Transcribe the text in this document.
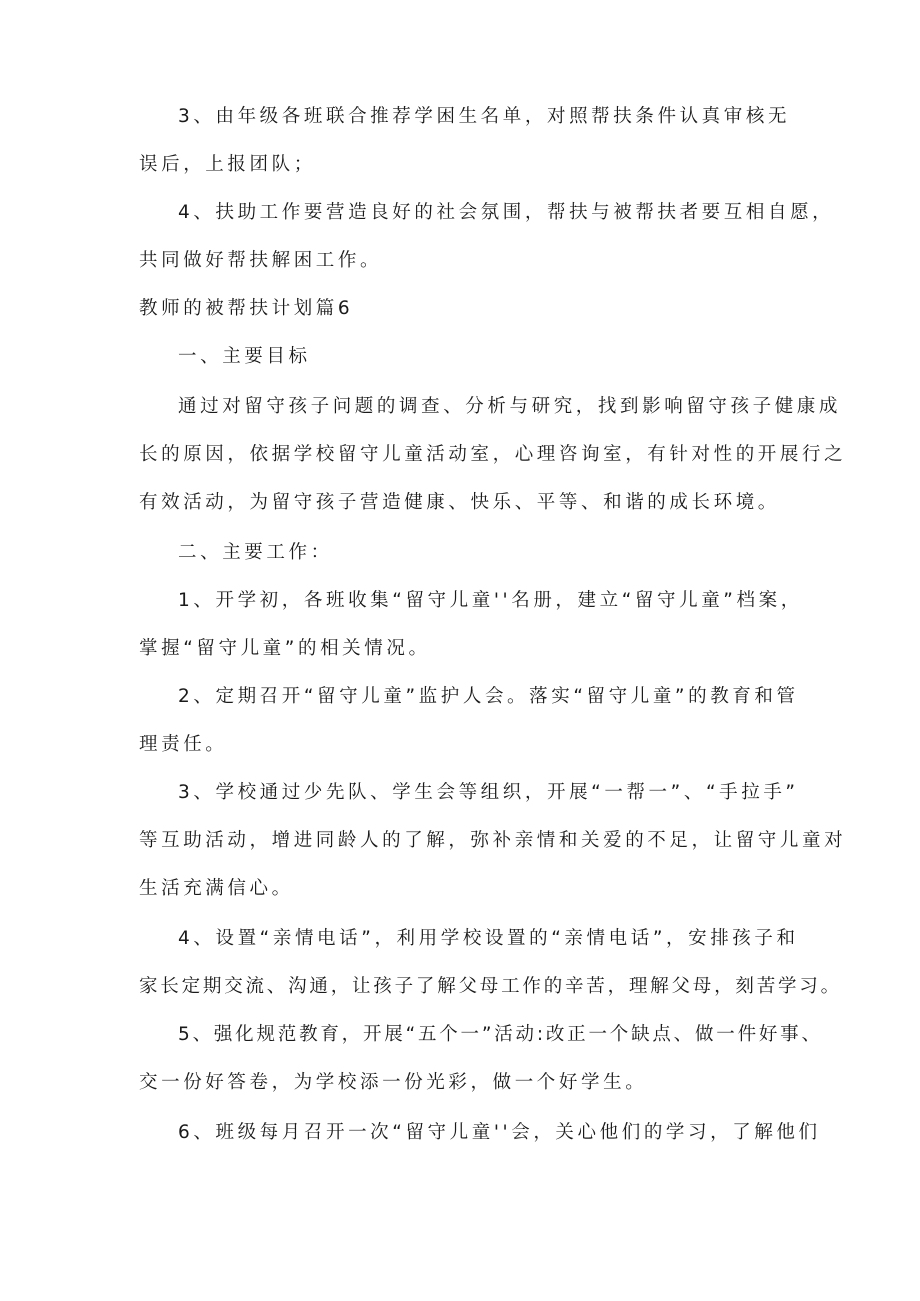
3、由年级各班联合推荐学困生名单，对照帮扶条件认真审核无
误后，上报团队；
4、扶助工作要营造良好的社会氛围，帮扶与被帮扶者要互相自愿，
共同做好帮扶解困工作。
教师的被帮扶计划篇6
一、主要目标
通过对留守孩子问题的调查、分析与研究，找到影响留守孩子健康成
长的原因，依据学校留守儿童活动室，心理咨询室，有针对性的开展行之
有效活动，为留守孩子营造健康、快乐、平等、和谐的成长环境。
二、主要工作：
1、开学初，各班收集“留守儿童''名册，建立“留守儿童”档案，
掌握“留守儿童”的相关情况。
2、定期召开“留守儿童”监护人会。落实“留守儿童”的教育和管
理责任。
3、学校通过少先队、学生会等组织，开展“一帮一”、“手拉手”
等互助活动，增进同龄人的了解，弥补亲情和关爱的不足，让留守儿童对
生活充满信心。
4、设置“亲情电话”，利用学校设置的“亲情电话”，安排孩子和
家长定期交流、沟通，让孩子了解父母工作的辛苦，理解父母，刻苦学习。
5、强化规范教育，开展“五个一”活动:改正一个缺点、做一件好事、
交一份好答卷，为学校添一份光彩，做一个好学生。
6、班级每月召开一次“留守儿童''会，关心他们的学习，了解他们
